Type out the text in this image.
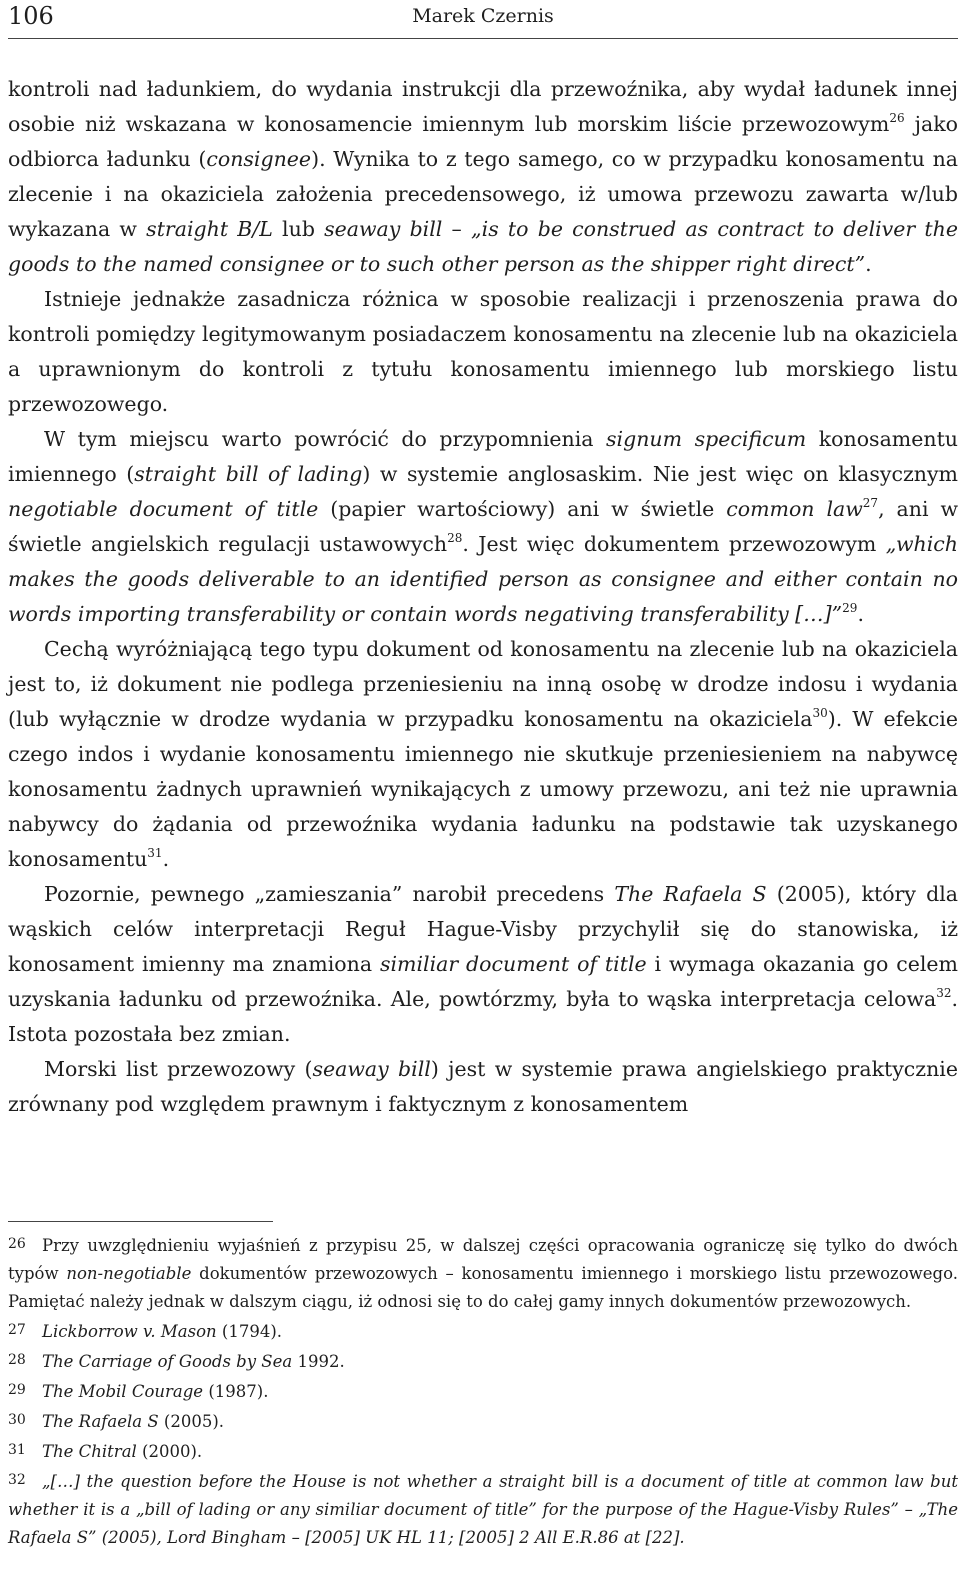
106	Marek Czernis

kontroli nad ładunkiem, do wydania instrukcji dla przewoźnika, aby wydał ładunek innej osobie niż wskazana w konosamencie imiennym lub morskim liście przewozowym$^{26}$ jako odbiorca ładunku (consignee). Wynika to z tego samego, co w przypadku konosamentu na zlecenie i na okaziciela założenia precedensowego, iż umowa przewozu zawarta w/lub wykazana w straight B/L lub seaway bill – „is to be construed as contract to deliver the goods to the named consignee or to such other person as the shipper right direct”.

Istnieje jednakże zasadnicza różnica w sposobie realizacji i przenoszenia prawa do kontroli pomiędzy legitymowanym posiadaczem konosamentu na zlecenie lub na okaziciela a uprawnionym do kontroli z tytułu konosamentu imiennego lub morskiego listu przewozowego.

W tym miejscu warto powrócić do przypomnienia signum specificum konosamentu imiennego (straight bill of lading) w systemie anglosaskim. Nie jest więc on klasycznym negotiable document of title (papier wartościowy) ani w świetle common law$^{27}$, ani w świetle angielskich regulacji ustawowych$^{28}$. Jest więc dokumentem przewozowym „which makes the goods deliverable to an identified person as consignee and either contain no words importing transferability or contain words negativing transferability […]”$^{29}$.

Cechą wyróżniającą tego typu dokument od konosamentu na zlecenie lub na okaziciela jest to, iż dokument nie podlega przeniesieniu na inną osobę w drodze indosu i wydania (lub wyłącznie w drodze wydania w przypadku konosamentu na okaziciela$^{30}$). W efekcie czego indos i wydanie konosamentu imiennego nie skutkuje przeniesieniem na nabywcę konosamentu żadnych uprawnień wynikających z umowy przewozu, ani też nie uprawnia nabywcy do żądania od przewoźnika wydania ładunku na podstawie tak uzyskanego konosamentu$^{31}$.

Pozornie, pewnego „zamieszania” narobił precedens The Rafaela S (2005), który dla wąskich celów interpretacji Reguł Hague-Visby przychylił się do stanowiska, iż konosament imienny ma znamiona similiar document of title i wymaga okazania go celem uzyskania ładunku od przewoźnika. Ale, powtórzmy, była to wąska interpretacja celowa$^{32}$. Istota pozostała bez zmian.

Morski list przewozowy (seaway bill) jest w systemie prawa angielskiego praktycznie zrównany pod względem prawnym i faktycznym z konosamentem

26 Przy uwzględnieniu wyjaśnień z przypisu 25, w dalszej części opracowania ograniczę się tylko do dwóch typów non-negotiable dokumentów przewozowych – konosamentu imiennego i morskiego listu przewozowego. Pamiętać należy jednak w dalszym ciągu, iż odnosi się to do całej gamy innych dokumentów przewozowych.

27 Lickborrow v. Mason (1794).

28 The Carriage of Goods by Sea 1992.

29 The Mobil Courage (1987).

30 The Rafaela S (2005).

31 The Chitral (2000).

32 „[…] the question before the House is not whether a straight bill is a document of title at common law but whether it is a „bill of lading or any similiar document of title” for the purpose of the Hague-Visby Rules” – „The Rafaela S” (2005), Lord Bingham – [2005] UK HL 11; [2005] 2 All E.R.86 at [22].
